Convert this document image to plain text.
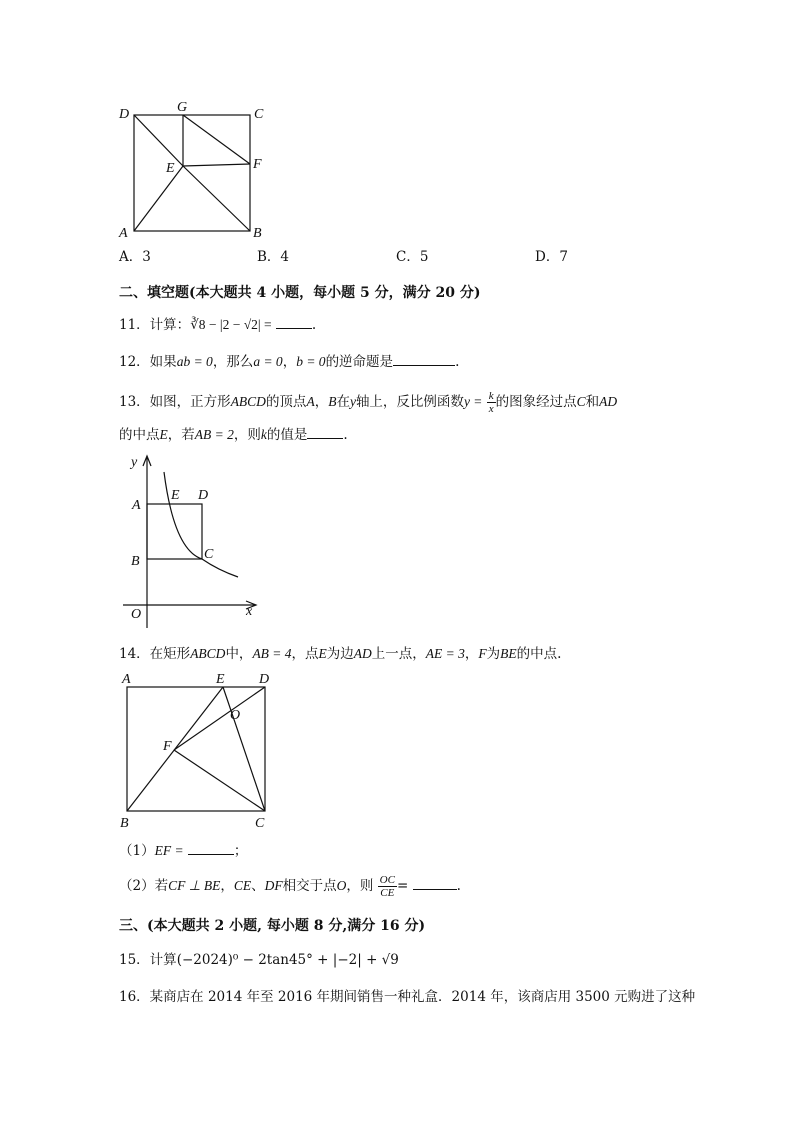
D	G	C
E	F
A	B
A．3	B．4	C．5	D．7
二、填空题(本大题共 4 小题，每小题 5 分，满分 20 分)
11．计算：∛8 − |2 − √2| =	.
12．如果ab = 0，那么a = 0，b = 0的逆命题是	.
13．如图，正方形ABCD的顶点A，B在y轴上，反比例函数$y = \frac{k}{x}$ 的图象经过点C和AD
的中点E，若AB = 2，则k的值是	.
y
x
A
B
O
E D
C
14．在矩形ABCD中，AB = 4，点E为边AD上一点，AE = 3，F为BE的中点.
A	E D
O
F
B	C
（1）EF =	；
（2）若CF ⊥ BE，CE、DF相交于点O，则 $\frac{OC}{CE}$ =	.
三、(本大题共 2 小题, 每小题 8 分,满分 16 分)
15．计算(−2024)⁰ − 2tan45° + |−2| + √9
16．某商店在 2014 年至 2016 年期间销售一种礼盒．2014 年，该商店用 3500 元购进了这种
